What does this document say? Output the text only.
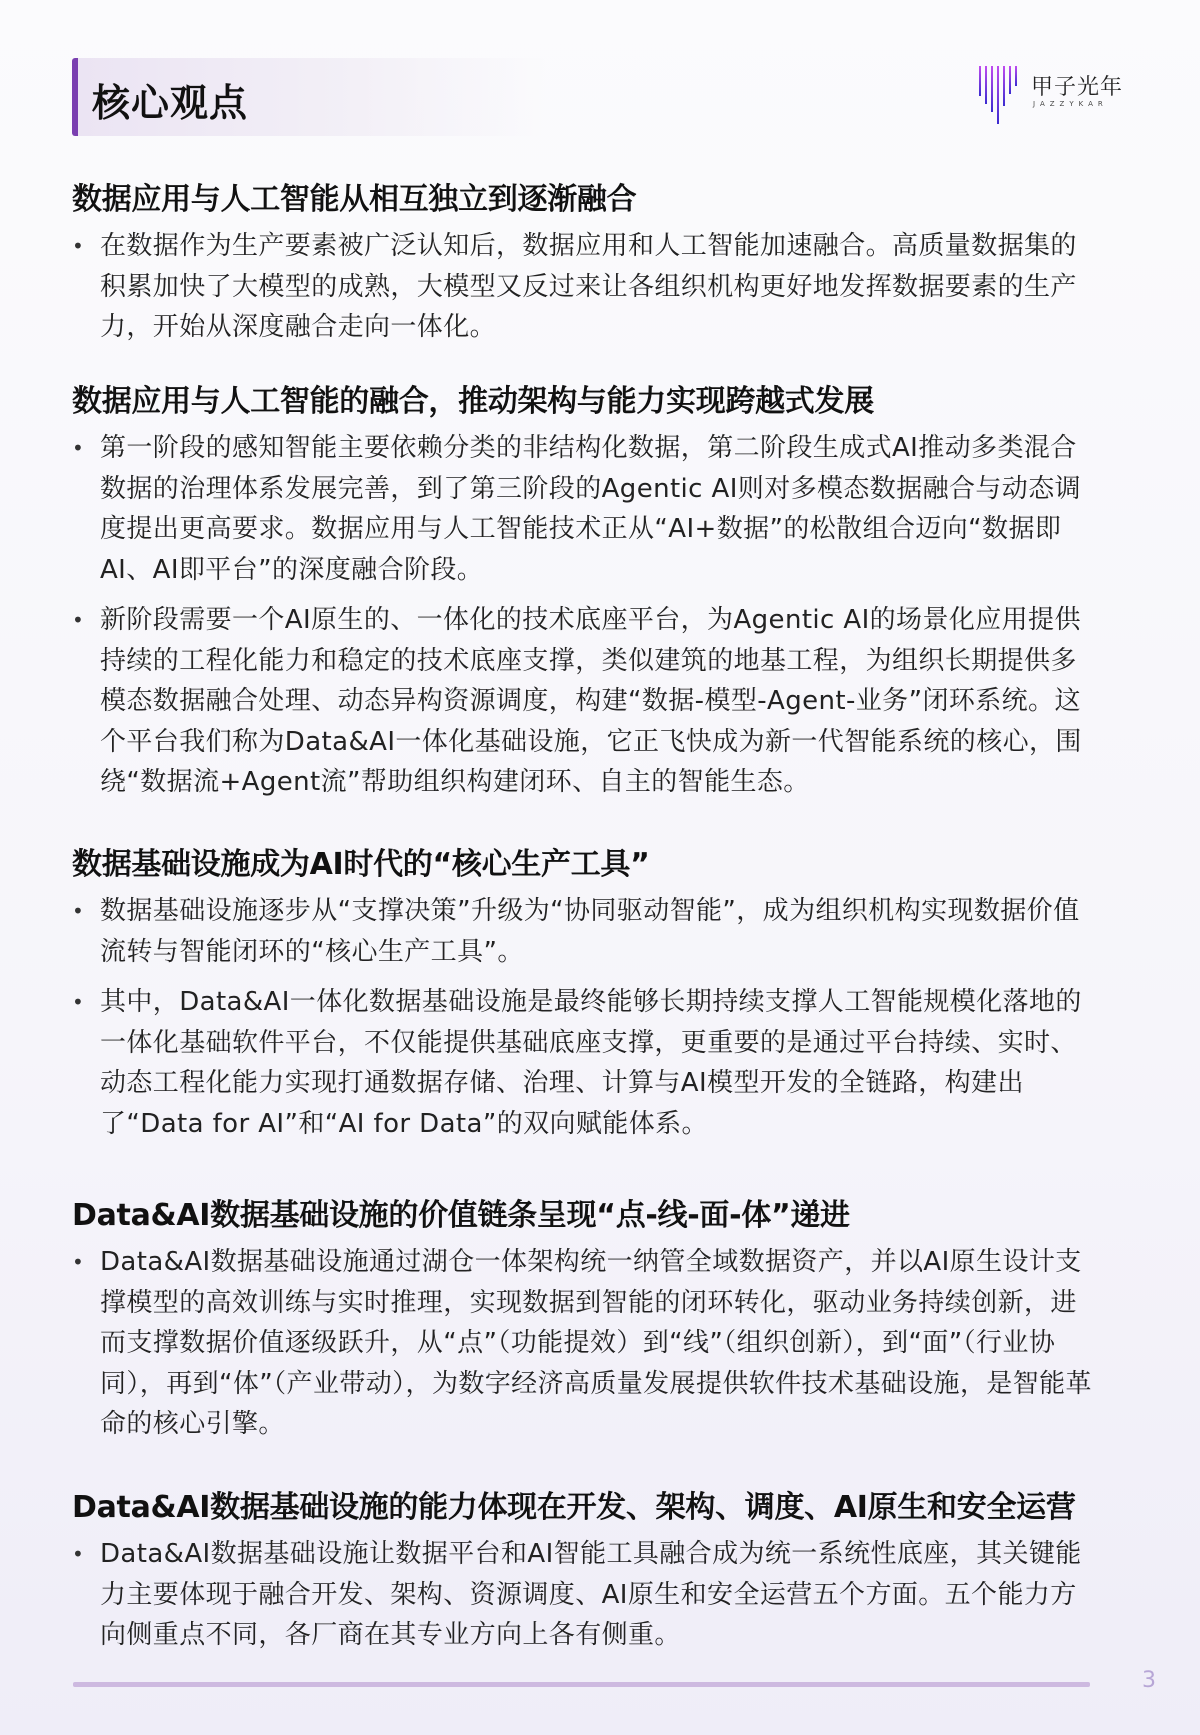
核心观点	甲子光年
JAZZYKAR
数据应用与人工智能从相互独立到逐渐融合
• 在数据作为生产要素被广泛认知后，数据应用和人工智能加速融合。高质量数据集的积累加快了大模型的成熟，大模型又反过来让各组织机构更好地发挥数据要素的生产力，开始从深度融合走向一体化。
数据应用与人工智能的融合，推动架构与能力实现跨越式发展
• 第一阶段的感知智能主要依赖分类的非结构化数据，第二阶段生成式AI推动多类混合数据的治理体系发展完善，到了第三阶段的Agentic AI则对多模态数据融合与动态调度提出更高要求。数据应用与人工智能技术正从“AI+数据”的松散组合迈向“数据即AI、AI即平台”的深度融合阶段。
• 新阶段需要一个AI原生的、一体化的技术底座平台，为Agentic AI的场景化应用提供持续的工程化能力和稳定的技术底座支撑，类似建筑的地基工程，为组织长期提供多模态数据融合处理、动态异构资源调度，构建“数据-模型-Agent-业务”闭环系统。这个平台我们称为Data&AI一体化基础设施，它正飞快成为新一代智能系统的核心，围绕“数据流+Agent流”帮助组织构建闭环、自主的智能生态。
数据基础设施成为AI时代的“核心生产工具”
• 数据基础设施逐步从“支撑决策”升级为“协同驱动智能”，成为组织机构实现数据价值流转与智能闭环的“核心生产工具”。
• 其中，Data&AI一体化数据基础设施是最终能够长期持续支撑人工智能规模化落地的一体化基础软件平台，不仅能提供基础底座支撑，更重要的是通过平台持续、实时、动态工程化能力实现打通数据存储、治理、计算与AI模型开发的全链路，构建出了“Data for AI”和“AI for Data”的双向赋能体系。
Data&AI数据基础设施的价值链条呈现“点-线-面-体”递进
• Data&AI数据基础设施通过湖仓一体架构统一纳管全域数据资产，并以AI原生设计支撑模型的高效训练与实时推理，实现数据到智能的闭环转化，驱动业务持续创新，进而支撑数据价值逐级跃升，从“点”（功能提效）到“线”（组织创新），到“面”（行业协同），再到“体”（产业带动），为数字经济高质量发展提供软件技术基础设施，是智能革命的核心引擎。
Data&AI数据基础设施的能力体现在开发、架构、调度、AI原生和安全运营
• Data&AI数据基础设施让数据平台和AI智能工具融合成为统一系统性底座，其关键能力主要体现于融合开发、架构、资源调度、AI原生和安全运营五个方面。五个能力方向侧重点不同，各厂商在其专业方向上各有侧重。
3
